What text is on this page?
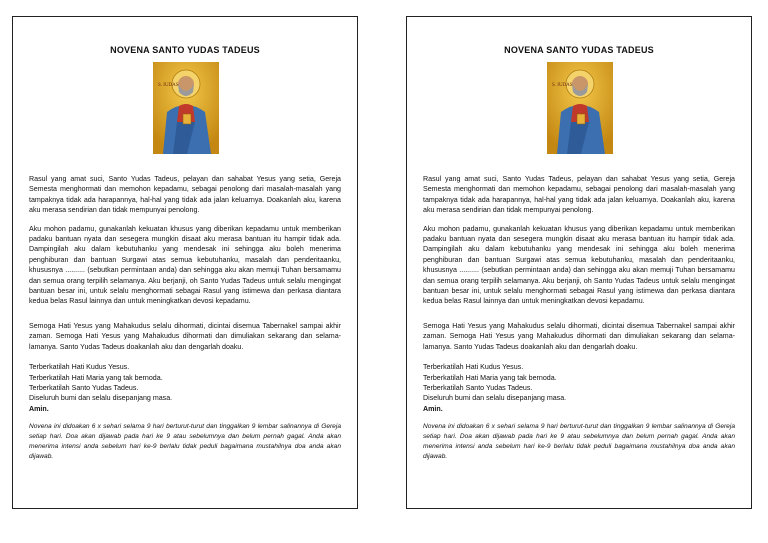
NOVENA SANTO YUDAS TADEUS
S. IUDAS

Rasul yang amat suci, Santo Yudas Tadeus, pelayan dan sahabat Yesus yang setia, Gereja Semesta menghormati dan memohon kepadamu, sebagai penolong dari masalah-masalah yang tampaknya tidak ada harapannya, hal-hal yang tidak ada jalan keluarnya. Doakanlah aku, karena aku merasa sendirian dan tidak mempunyai penolong.

Aku mohon padamu, gunakanlah kekuatan khusus yang diberikan kepadamu untuk memberikan padaku bantuan nyata dan sesegera mungkin disaat aku merasa bantuan itu hampir tidak ada. Dampingilah aku dalam kebutuhanku yang mendesak ini sehingga aku boleh menerima penghiburan dan bantuan Surgawi atas semua kebutuhanku, masalah dan penderitaanku, khususnya .......... (sebutkan permintaan anda) dan sehingga aku akan memuji Tuhan bersamamu dan semua orang terpilih selamanya. Aku berjanji, oh Santo Yudas Tadeus untuk selalu mengingat bantuan besar ini, untuk selalu menghormati sebagai Rasul yang istimewa dan perkasa diantara kedua belas Rasul lainnya dan untuk meningkatkan devosi kepadamu.

Semoga Hati Yesus yang Mahakudus selalu dihormati, dicintai disemua Tabernakel sampai akhir zaman. Semoga Hati Yesus yang Mahakudus dihormati dan dimuliakan sekarang dan selama-lamanya. Santo Yudas Tadeus doakanlah aku dan dengarlah doaku.

Terberkatilah Hati Kudus Yesus.
Terberkatilah Hati Maria yang tak bernoda.
Terberkatilah Santo Yudas Tadeus.
Diseluruh bumi dan selalu disepanjang masa.
Amin.

Novena ini didoakan 6 x sehari selama 9 hari berturut-turut dan tinggalkan 9 lembar salinannya di Gereja setiap hari. Doa akan dijawab pada hari ke 9 atau sebelumnya dan belum pernah gagal. Anda akan menerima intensi anda sebelum hari ke-9 berlalu tidak peduli bagaimana mustahilnya doa anda akan dijawab.

NOVENA SANTO YUDAS TADEUS
S. IUDAS

Rasul yang amat suci, Santo Yudas Tadeus, pelayan dan sahabat Yesus yang setia, Gereja Semesta menghormati dan memohon kepadamu, sebagai penolong dari masalah-masalah yang tampaknya tidak ada harapannya, hal-hal yang tidak ada jalan keluarnya. Doakanlah aku, karena aku merasa sendirian dan tidak mempunyai penolong.

Aku mohon padamu, gunakanlah kekuatan khusus yang diberikan kepadamu untuk memberikan padaku bantuan nyata dan sesegera mungkin disaat aku merasa bantuan itu hampir tidak ada. Dampingilah aku dalam kebutuhanku yang mendesak ini sehingga aku boleh menerima penghiburan dan bantuan Surgawi atas semua kebutuhanku, masalah dan penderitaanku, khususnya .......... (sebutkan permintaan anda) dan sehingga aku akan memuji Tuhan bersamamu dan semua orang terpilih selamanya. Aku berjanji, oh Santo Yudas Tadeus untuk selalu mengingat bantuan besar ini, untuk selalu menghormati sebagai Rasul yang istimewa dan perkasa diantara kedua belas Rasul lainnya dan untuk meningkatkan devosi kepadamu.

Semoga Hati Yesus yang Mahakudus selalu dihormati, dicintai disemua Tabernakel sampai akhir zaman. Semoga Hati Yesus yang Mahakudus dihormati dan dimuliakan sekarang dan selama-lamanya. Santo Yudas Tadeus doakanlah aku dan dengarlah doaku.

Terberkatilah Hati Kudus Yesus.
Terberkatilah Hati Maria yang tak bernoda.
Terberkatilah Santo Yudas Tadeus.
Diseluruh bumi dan selalu disepanjang masa.
Amin.

Novena ini didoakan 6 x sehari selama 9 hari berturut-turut dan tinggalkan 9 lembar salinannya di Gereja setiap hari. Doa akan dijawab pada hari ke 9 atau sebelumnya dan belum pernah gagal. Anda akan menerima intensi anda sebelum hari ke-9 berlalu tidak peduli bagaimana mustahilnya doa anda akan dijawab.
